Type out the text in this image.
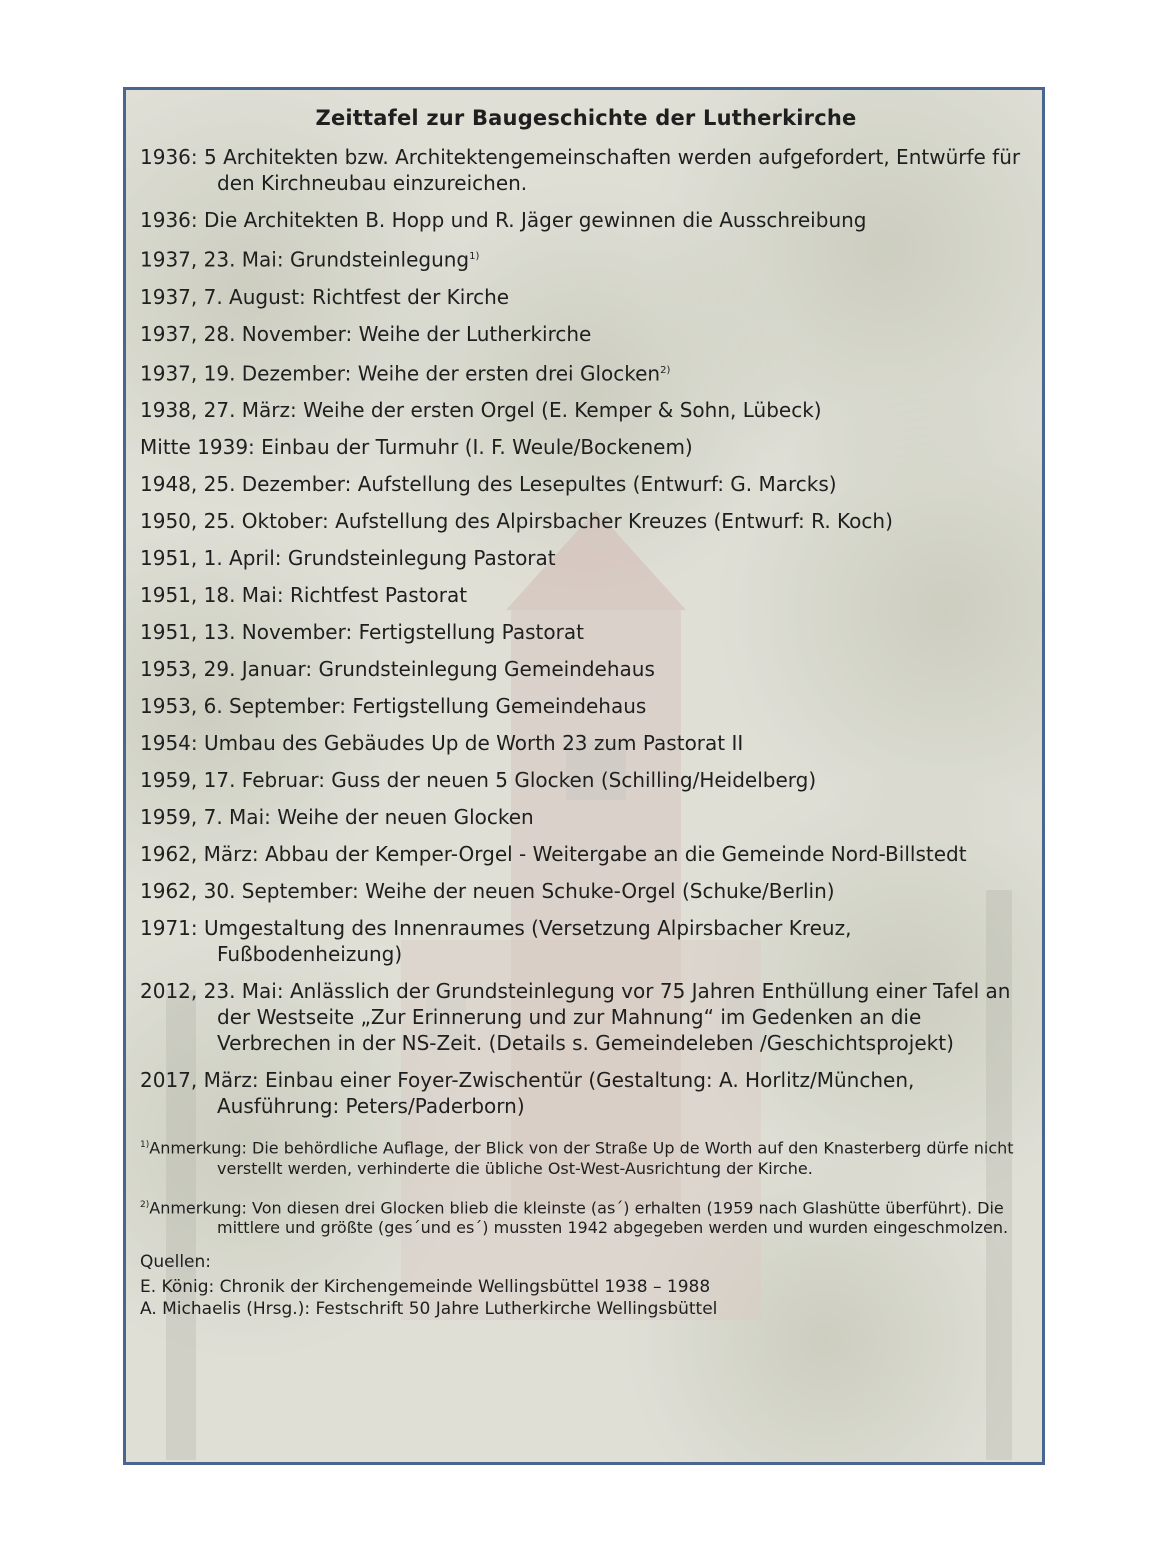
Zeittafel zur Baugeschichte der Lutherkirche
1936: 5 Architekten bzw. Architektengemeinschaften werden aufgefordert, Entwürfe für den Kirchneubau einzureichen.
1936: Die Architekten B. Hopp und R. Jäger gewinnen die Ausschreibung
1937, 23. Mai: Grundsteinlegung$^{1)}$
1937, 7. August: Richtfest der Kirche
1937, 28. November: Weihe der Lutherkirche
1937, 19. Dezember: Weihe der ersten drei Glocken$^{2)}$
1938, 27. März: Weihe der ersten Orgel (E. Kemper & Sohn, Lübeck)
Mitte 1939: Einbau der Turmuhr (I. F. Weule/Bockenem)
1948, 25. Dezember: Aufstellung des Lesepultes (Entwurf: G. Marcks)
1950, 25. Oktober: Aufstellung des Alpirsbacher Kreuzes (Entwurf: R. Koch)
1951, 1. April: Grundsteinlegung Pastorat
1951, 18. Mai: Richtfest Pastorat
1951, 13. November: Fertigstellung Pastorat
1953, 29. Januar: Grundsteinlegung Gemeindehaus
1953, 6. September: Fertigstellung Gemeindehaus
1954: Umbau des Gebäudes Up de Worth 23 zum Pastorat II
1959, 17. Februar: Guss der neuen 5 Glocken (Schilling/Heidelberg)
1959, 7. Mai: Weihe der neuen Glocken
1962, März: Abbau der Kemper-Orgel - Weitergabe an die Gemeinde Nord-Billstedt
1962, 30. September: Weihe der neuen Schuke-Orgel (Schuke/Berlin)
1971: Umgestaltung des Innenraumes (Versetzung Alpirsbacher Kreuz, Fußbodenheizung)
2012, 23. Mai: Anlässlich der Grundsteinlegung vor 75 Jahren Enthüllung einer Tafel an der Westseite „Zur Erinnerung und zur Mahnung“ im Gedenken an die Verbrechen in der NS-Zeit. (Details s. Gemeindeleben /Geschichtsprojekt)
2017, März: Einbau einer Foyer-Zwischentür (Gestaltung: A. Horlitz/München, Ausführung: Peters/Paderborn)
$^{1)}$Anmerkung: Die behördliche Auflage, der Blick von der Straße Up de Worth auf den Knasterberg dürfe nicht verstellt werden, verhinderte die übliche Ost-West-Ausrichtung der Kirche.
$^{2)}$Anmerkung: Von diesen drei Glocken blieb die kleinste (as´) erhalten (1959 nach Glashütte überführt). Die mittlere und größte (ges´und es´) mussten 1942 abgegeben werden und wurden eingeschmolzen.
Quellen:
E. König: Chronik der Kirchengemeinde Wellingsbüttel 1938 – 1988
A. Michaelis (Hrsg.): Festschrift 50 Jahre Lutherkirche Wellingsbüttel
